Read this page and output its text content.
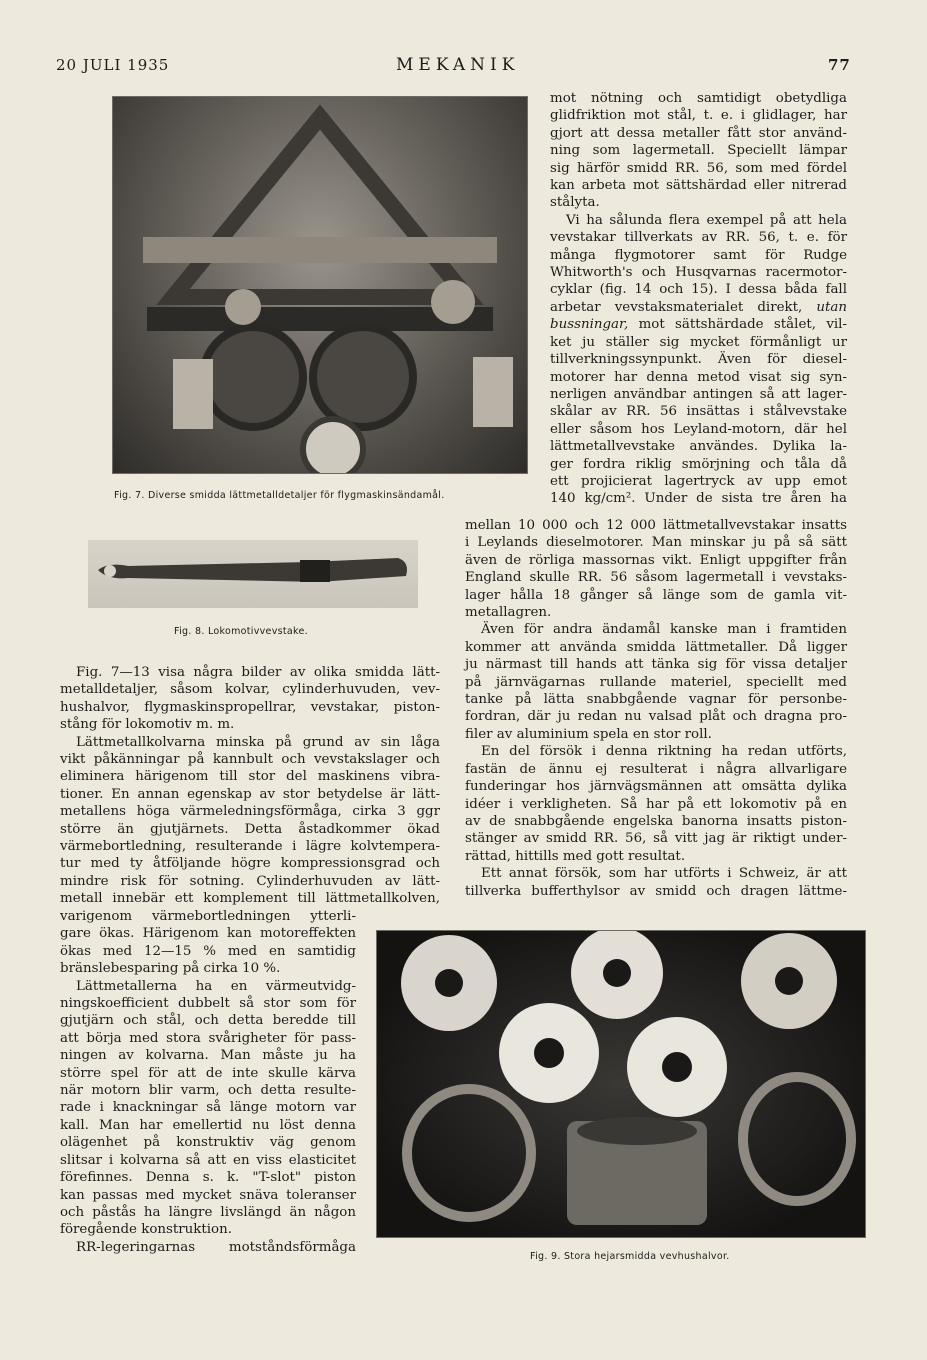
20 JULI 1935	MEKANIK	77
Fig. 7. Diverse smidda lättmetalldetaljer för flygmaskinsändamål.
Fig. 8. Lokomotivvevstake.
Fig. 9. Stora hejarsmidda vevhushalvor.
mot nötning och samtidigt obetydliga
glidfriktion mot stål, t. e. i glidlager, har
gjort att dessa metaller fått stor använd-
ning som lagermetall. Speciellt lämpar
sig härför smidd RR. 56, som med fördel
kan arbeta mot sättshärdad eller nitrerad
stålyta.
Vi ha sålunda flera exempel på att hela
vevstakar tillverkats av RR. 56, t. e. för
många flygmotorer samt för Rudge
Whitworth's och Husqvarnas racermotor-
cyklar (fig. 14 och 15). I dessa båda fall
arbetar vevstaksmaterialet direkt, utan
bussningar, mot sättshärdade stålet, vil-
ket ju ställer sig mycket förmånligt ur
tillverkningssynpunkt. Även för diesel-
motorer har denna metod visat sig syn-
nerligen användbar antingen så att lager-
skålar av RR. 56 insättas i stålvevstake
eller såsom hos Leyland-motorn, där hel
lättmetallvevstake användes. Dylika la-
ger fordra riklig smörjning och tåla då
ett projicierat lagertryck av upp emot
140 kg/cm². Under de sista tre åren ha
mellan 10 000 och 12 000 lättmetallvevstakar insatts
i Leylands dieselmotorer. Man minskar ju på så sätt
även de rörliga massornas vikt. Enligt uppgifter från
England skulle RR. 56 såsom lagermetall i vevstaks-
lager hålla 18 gånger så länge som de gamla vit-
metallagren.
Även för andra ändamål kanske man i framtiden
kommer att använda smidda lättmetaller. Då ligger
ju närmast till hands att tänka sig för vissa detaljer
på järnvägarnas rullande materiel, speciellt med
tanke på lätta snabbgående vagnar för personbe-
fordran, där ju redan nu valsad plåt och dragna pro-
filer av aluminium spela en stor roll.
En del försök i denna riktning ha redan utförts,
fastän de ännu ej resulterat i några allvarligare
funderingar hos järnvägsmännen att omsätta dylika
idéer i verkligheten. Så har på ett lokomotiv på en
av de snabbgående engelska banorna insatts piston-
stänger av smidd RR. 56, så vitt jag är riktigt under-
rättad, hittills med gott resultat.
Ett annat försök, som har utförts i Schweiz, är att
tillverka bufferthylsor av smidd och dragen lättme-
Fig. 7—13 visa några bilder av olika smidda lätt-
metalldetaljer, såsom kolvar, cylinderhuvuden, vev-
hushalvor, flygmaskinspropellrar, vevstakar, piston-
stång för lokomotiv m. m.
Lättmetallkolvarna minska på grund av sin låga
vikt påkänningar på kannbult och vevstakslager och
eliminera härigenom till stor del maskinens vibra-
tioner. En annan egenskap av stor betydelse är lätt-
metallens höga värmeledningsförmåga, cirka 3 ggr
större än gjutjärnets. Detta åstadkommer ökad
värmebortledning, resulterande i lägre kolvtempera-
tur med ty åtföljande högre kompressionsgrad och
mindre risk för sotning. Cylinderhuvuden av lätt-
metall innebär ett komplement till lättmetallkolven,
varigenom värmebortledningen ytterli-
gare ökas. Härigenom kan motoreffekten
ökas med 12—15 % med en samtidig
bränslebesparing på cirka 10 %.
Lättmetallerna ha en värmeutvidg-
ningskoefficient dubbelt så stor som för
gjutjärn och stål, och detta beredde till
att börja med stora svårigheter för pass-
ningen av kolvarna. Man måste ju ha
större spel för att de inte skulle kärva
när motorn blir varm, och detta resulte-
rade i knackningar så länge motorn var
kall. Man har emellertid nu löst denna
olägenhet på konstruktiv väg genom
slitsar i kolvarna så att en viss elasticitet
förefinnes. Denna s. k. "T-slot" piston
kan passas med mycket snäva toleranser
och påstås ha längre livslängd än någon
föregående konstruktion.
RR-legeringarnas motståndsförmåga
